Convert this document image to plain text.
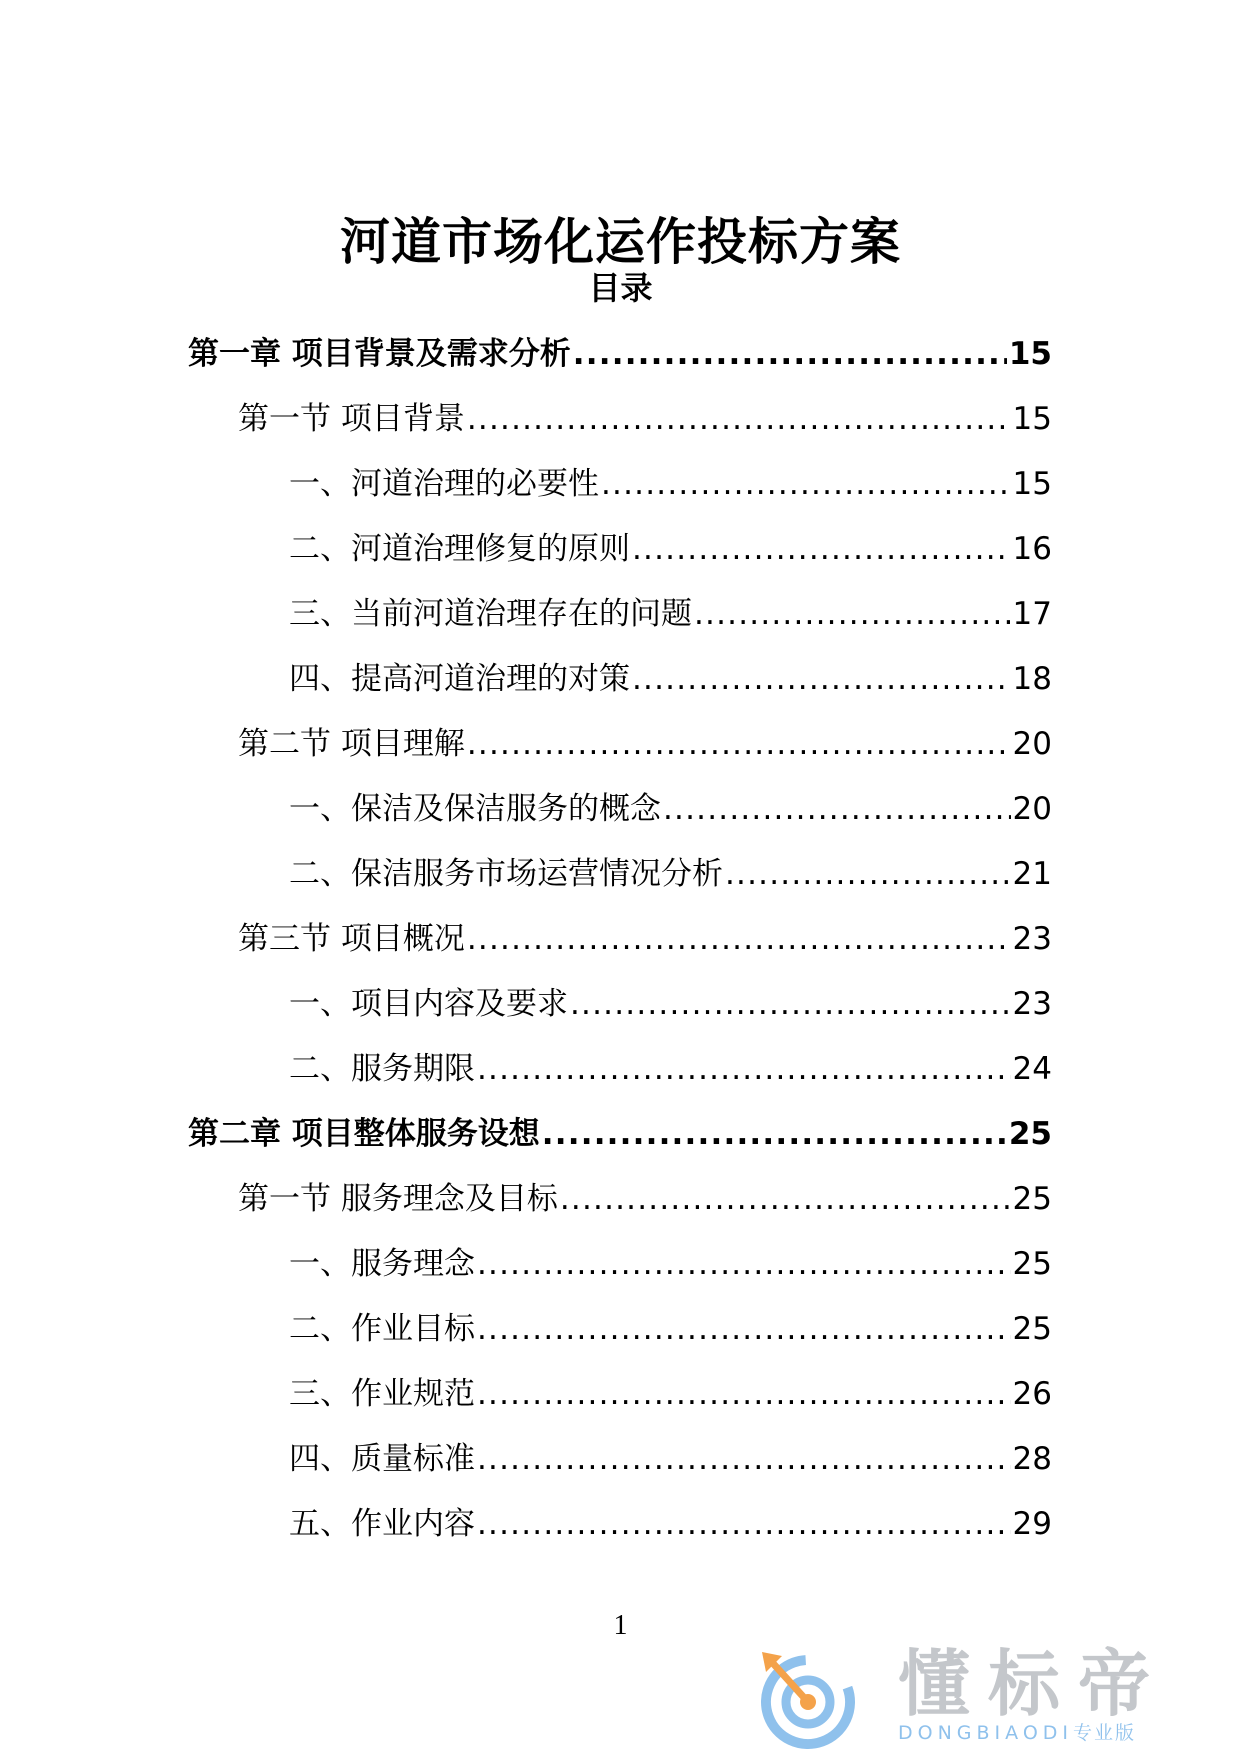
河道市场化运作投标方案
目录
第一章 项目背景及需求分析 .....	15
第一节 项目背景 .....	15
一、河道治理的必要性 .....	15
二、河道治理修复的原则 .....	16
三、当前河道治理存在的问题 .....	17
四、提高河道治理的对策 .....	18
第二节 项目理解 .....	20
一、保洁及保洁服务的概念 .....	20
二、保洁服务市场运营情况分析 .....	21
第三节 项目概况 .....	23
一、项目内容及要求 .....	23
二、服务期限 .....	24
第二章 项目整体服务设想 .....	25
第一节 服务理念及目标 .....	25
一、服务理念 .....	25
二、作业目标 .....	25
三、作业规范 .....	26
四、质量标准 .....	28
五、作业内容 .....	29
1
懂标帝
DONGBIAODI专业版
